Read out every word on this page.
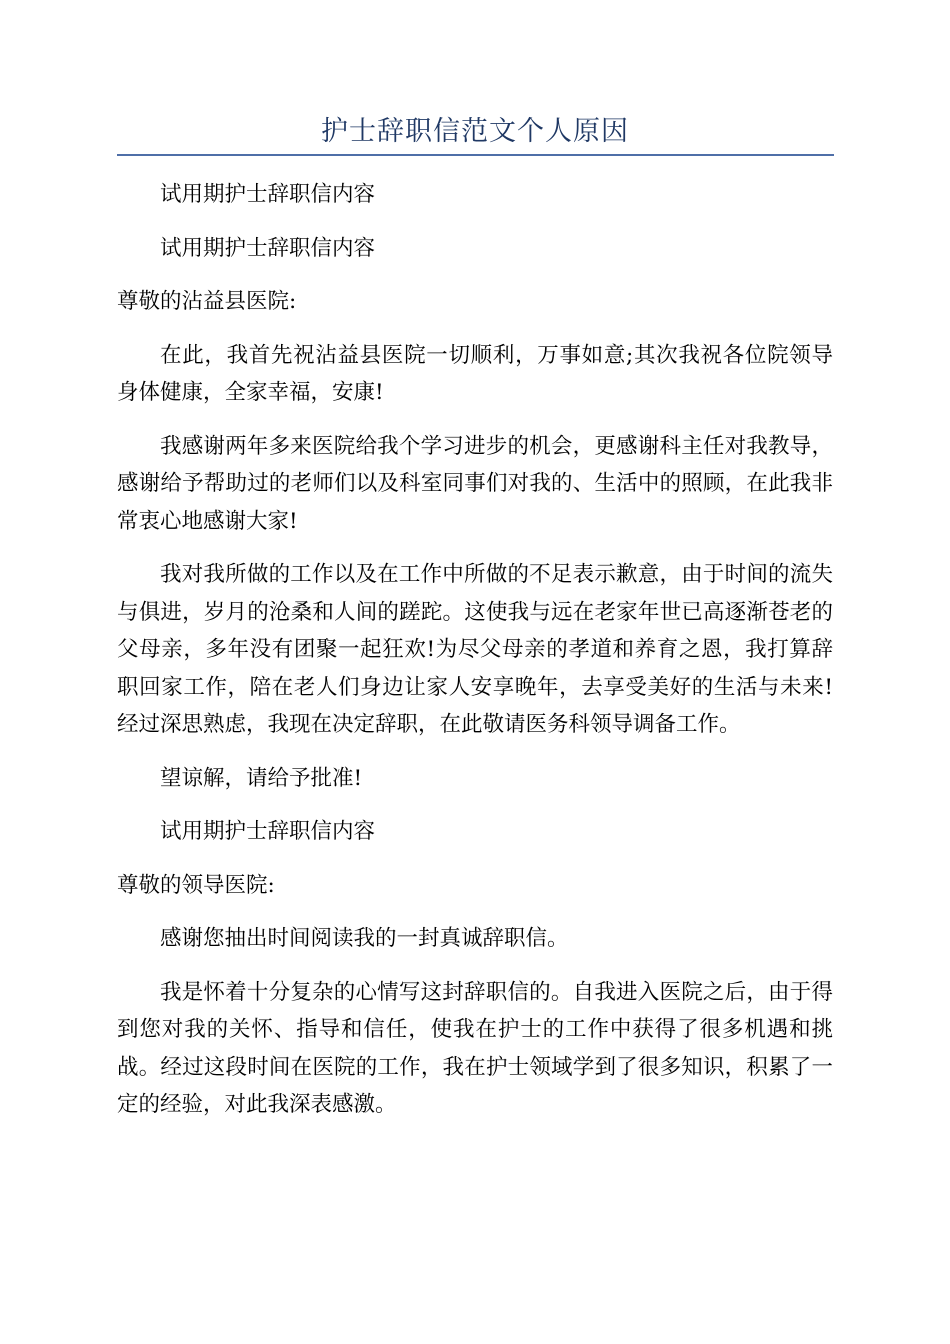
护士辞职信范文个人原因

试用期护士辞职信内容

试用期护士辞职信内容

尊敬的沾益县医院:

在此，我首先祝沾益县医院一切顺利，万事如意;其次我祝各位院领导身体健康，全家幸福，安康!

我感谢两年多来医院给我个学习进步的机会，更感谢科主任对我教导，感谢给予帮助过的老师们以及科室同事们对我的、生活中的照顾，在此我非常衷心地感谢大家!

我对我所做的工作以及在工作中所做的不足表示歉意，由于时间的流失与俱进，岁月的沧桑和人间的蹉跎。这使我与远在老家年世已高逐渐苍老的父母亲，多年没有团聚一起狂欢!为尽父母亲的孝道和养育之恩，我打算辞职回家工作，陪在老人们身边让家人安享晚年，去享受美好的生活与未来!经过深思熟虑，我现在决定辞职，在此敬请医务科领导调备工作。

望谅解，请给予批准!

试用期护士辞职信内容

尊敬的领导医院:

感谢您抽出时间阅读我的一封真诚辞职信。

我是怀着十分复杂的心情写这封辞职信的。自我进入医院之后，由于得到您对我的关怀、指导和信任，使我在护士的工作中获得了很多机遇和挑战。经过这段时间在医院的工作，我在护士领域学到了很多知识，积累了一定的经验，对此我深表感激。
